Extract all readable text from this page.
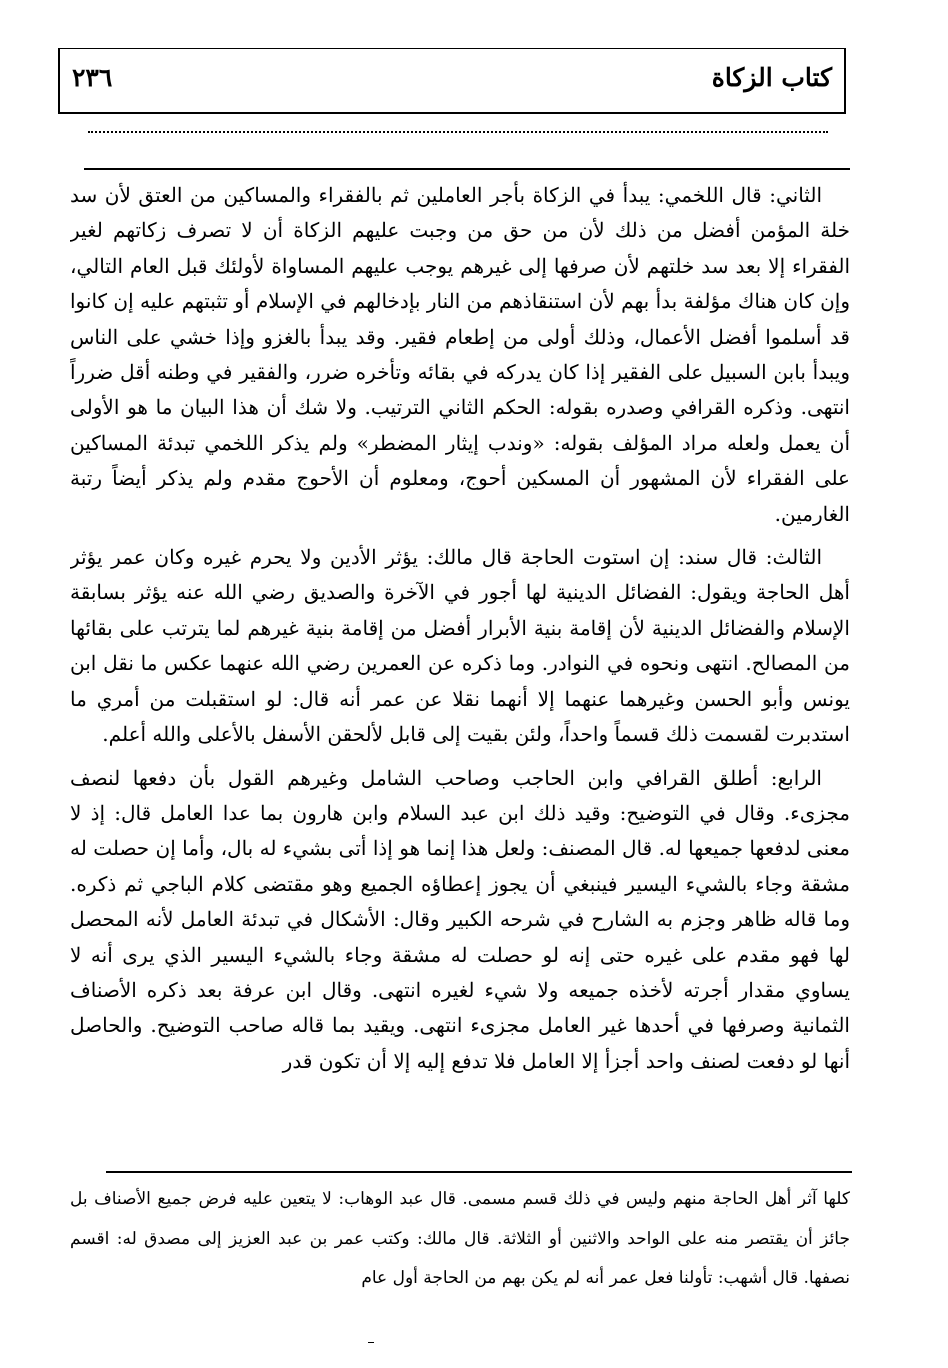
كتاب الزكاة
٢٣٦

الثاني: قال اللخمي: يبدأ في الزكاة بأجر العاملين ثم بالفقراء والمساكين من العتق لأن سد خلة المؤمن أفضل من ذلك لأن من حق من وجبت عليهم الزكاة أن لا تصرف زكاتهم لغير الفقراء إلا بعد سد خلتهم لأن صرفها إلى غيرهم يوجب عليهم المساواة لأولئك قبل العام التالي، وإن كان هناك مؤلفة بدأ بهم لأن استنقاذهم من النار بإدخالهم في الإسلام أو تثبتهم عليه إن كانوا قد أسلموا أفضل الأعمال، وذلك أولى من إطعام فقير. وقد يبدأ بالغزو وإذا خشي على الناس ويبدأ بابن السبيل على الفقير إذا كان يدركه في بقائه وتأخره ضرر، والفقير في وطنه أقل ضرراً انتهى. وذكره القرافي وصدره بقوله: الحكم الثاني الترتيب. ولا شك أن هذا البيان ما هو الأولى أن يعمل ولعله مراد المؤلف بقوله: «وندب إيثار المضطر» ولم يذكر اللخمي تبدئة المساكين على الفقراء لأن المشهور أن المسكين أحوج، ومعلوم أن الأحوج مقدم ولم يذكر أيضاً رتبة الغارمين.

الثالث: قال سند: إن استوت الحاجة قال مالك: يؤثر الأدين ولا يحرم غيره وكان عمر يؤثر أهل الحاجة ويقول: الفضائل الدينية لها أجور في الآخرة والصديق رضي الله عنه يؤثر بسابقة الإسلام والفضائل الدينية لأن إقامة بنية الأبرار أفضل من إقامة بنية غيرهم لما يترتب على بقائها من المصالح. انتهى ونحوه في النوادر. وما ذكره عن العمرين رضي الله عنهما عكس ما نقل ابن يونس وأبو الحسن وغيرهما عنهما إلا أنهما نقلا عن عمر أنه قال: لو استقبلت من أمري ما استدبرت لقسمت ذلك قسماً واحداً، ولئن بقيت إلى قابل لألحقن الأسفل بالأعلى والله أعلم.

الرابع: أطلق القرافي وابن الحاجب وصاحب الشامل وغيرهم القول بأن دفعها لنصف مجزىء. وقال في التوضيح: وقيد ذلك ابن عبد السلام وابن هارون بما عدا العامل قال: إذ لا معنى لدفعها جميعها له. قال المصنف: ولعل هذا إنما هو إذا أتى بشيء له بال، وأما إن حصلت له مشقة وجاء بالشيء اليسير فينبغي أن يجوز إعطاؤه الجميع وهو مقتضى كلام الباجي ثم ذكره. وما قاله ظاهر وجزم به الشارح في شرحه الكبير وقال: الأشكال في تبدئة العامل لأنه المحصل لها فهو مقدم على غيره حتى إنه لو حصلت له مشقة وجاء بالشيء اليسير الذي يرى أنه لا يساوي مقدار أجرته لأخذه جميعه ولا شيء لغيره انتهى. وقال ابن عرفة بعد ذكره الأصناف الثمانية وصرفها في أحدها غير العامل مجزىء انتهى. ويقيد بما قاله صاحب التوضيح. والحاصل أنها لو دفعت لصنف واحد أجزأ إلا العامل فلا تدفع إليه إلا أن تكون قدر

كلها آثر أهل الحاجة منهم وليس في ذلك قسم مسمى. قال عبد الوهاب: لا يتعين عليه فرض جميع الأصناف بل جائز أن يقتصر منه على الواحد والاثنين أو الثلاثة. قال مالك: وكتب عمر بن عبد العزيز إلى مصدق له: اقسم نصفها. قال أشهب: تأولنا فعل عمر أنه لم يكن بهم من الحاجة أول عام
